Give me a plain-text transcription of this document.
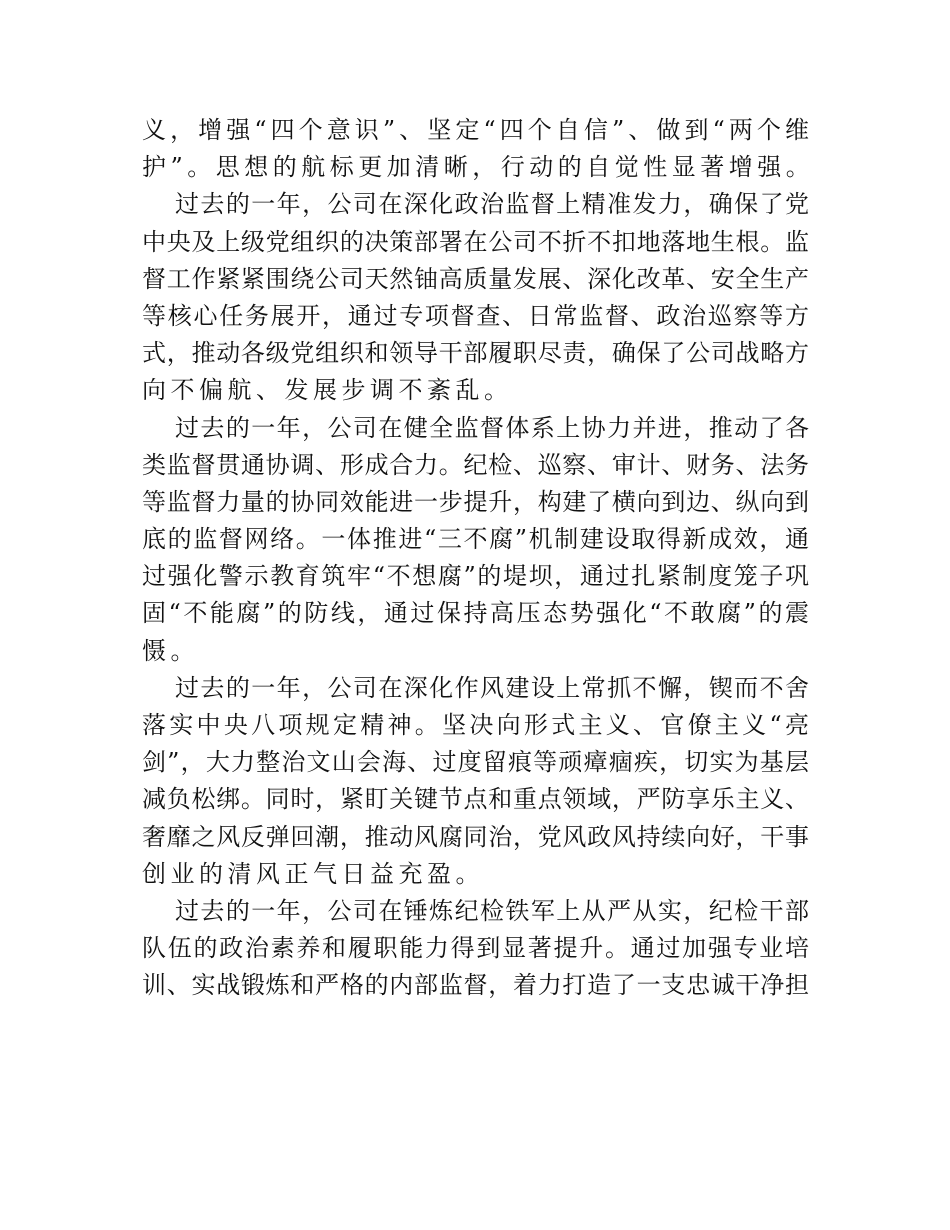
义，增强“四个意识”、坚定“四个自信”、做到“两个维
护”。思想的航标更加清晰，行动的自觉性显著增强。
过去的一年，公司在深化政治监督上精准发力，确保了党
中央及上级党组织的决策部署在公司不折不扣地落地生根。监
督工作紧紧围绕公司天然铀高质量发展、深化改革、安全生产
等核心任务展开，通过专项督查、日常监督、政治巡察等方
式，推动各级党组织和领导干部履职尽责，确保了公司战略方
向不偏航、发展步调不紊乱。
过去的一年，公司在健全监督体系上协力并进，推动了各
类监督贯通协调、形成合力。纪检、巡察、审计、财务、法务
等监督力量的协同效能进一步提升，构建了横向到边、纵向到
底的监督网络。一体推进“三不腐”机制建设取得新成效，通
过强化警示教育筑牢“不想腐”的堤坝，通过扎紧制度笼子巩
固“不能腐”的防线，通过保持高压态势强化“不敢腐”的震
慑。
过去的一年，公司在深化作风建设上常抓不懈，锲而不舍
落实中央八项规定精神。坚决向形式主义、官僚主义“亮
剑”，大力整治文山会海、过度留痕等顽瘴痼疾，切实为基层
减负松绑。同时，紧盯关键节点和重点领域，严防享乐主义、
奢靡之风反弹回潮，推动风腐同治，党风政风持续向好，干事
创业的清风正气日益充盈。
过去的一年，公司在锤炼纪检铁军上从严从实，纪检干部
队伍的政治素养和履职能力得到显著提升。通过加强专业培
训、实战锻炼和严格的内部监督，着力打造了一支忠诚干净担
